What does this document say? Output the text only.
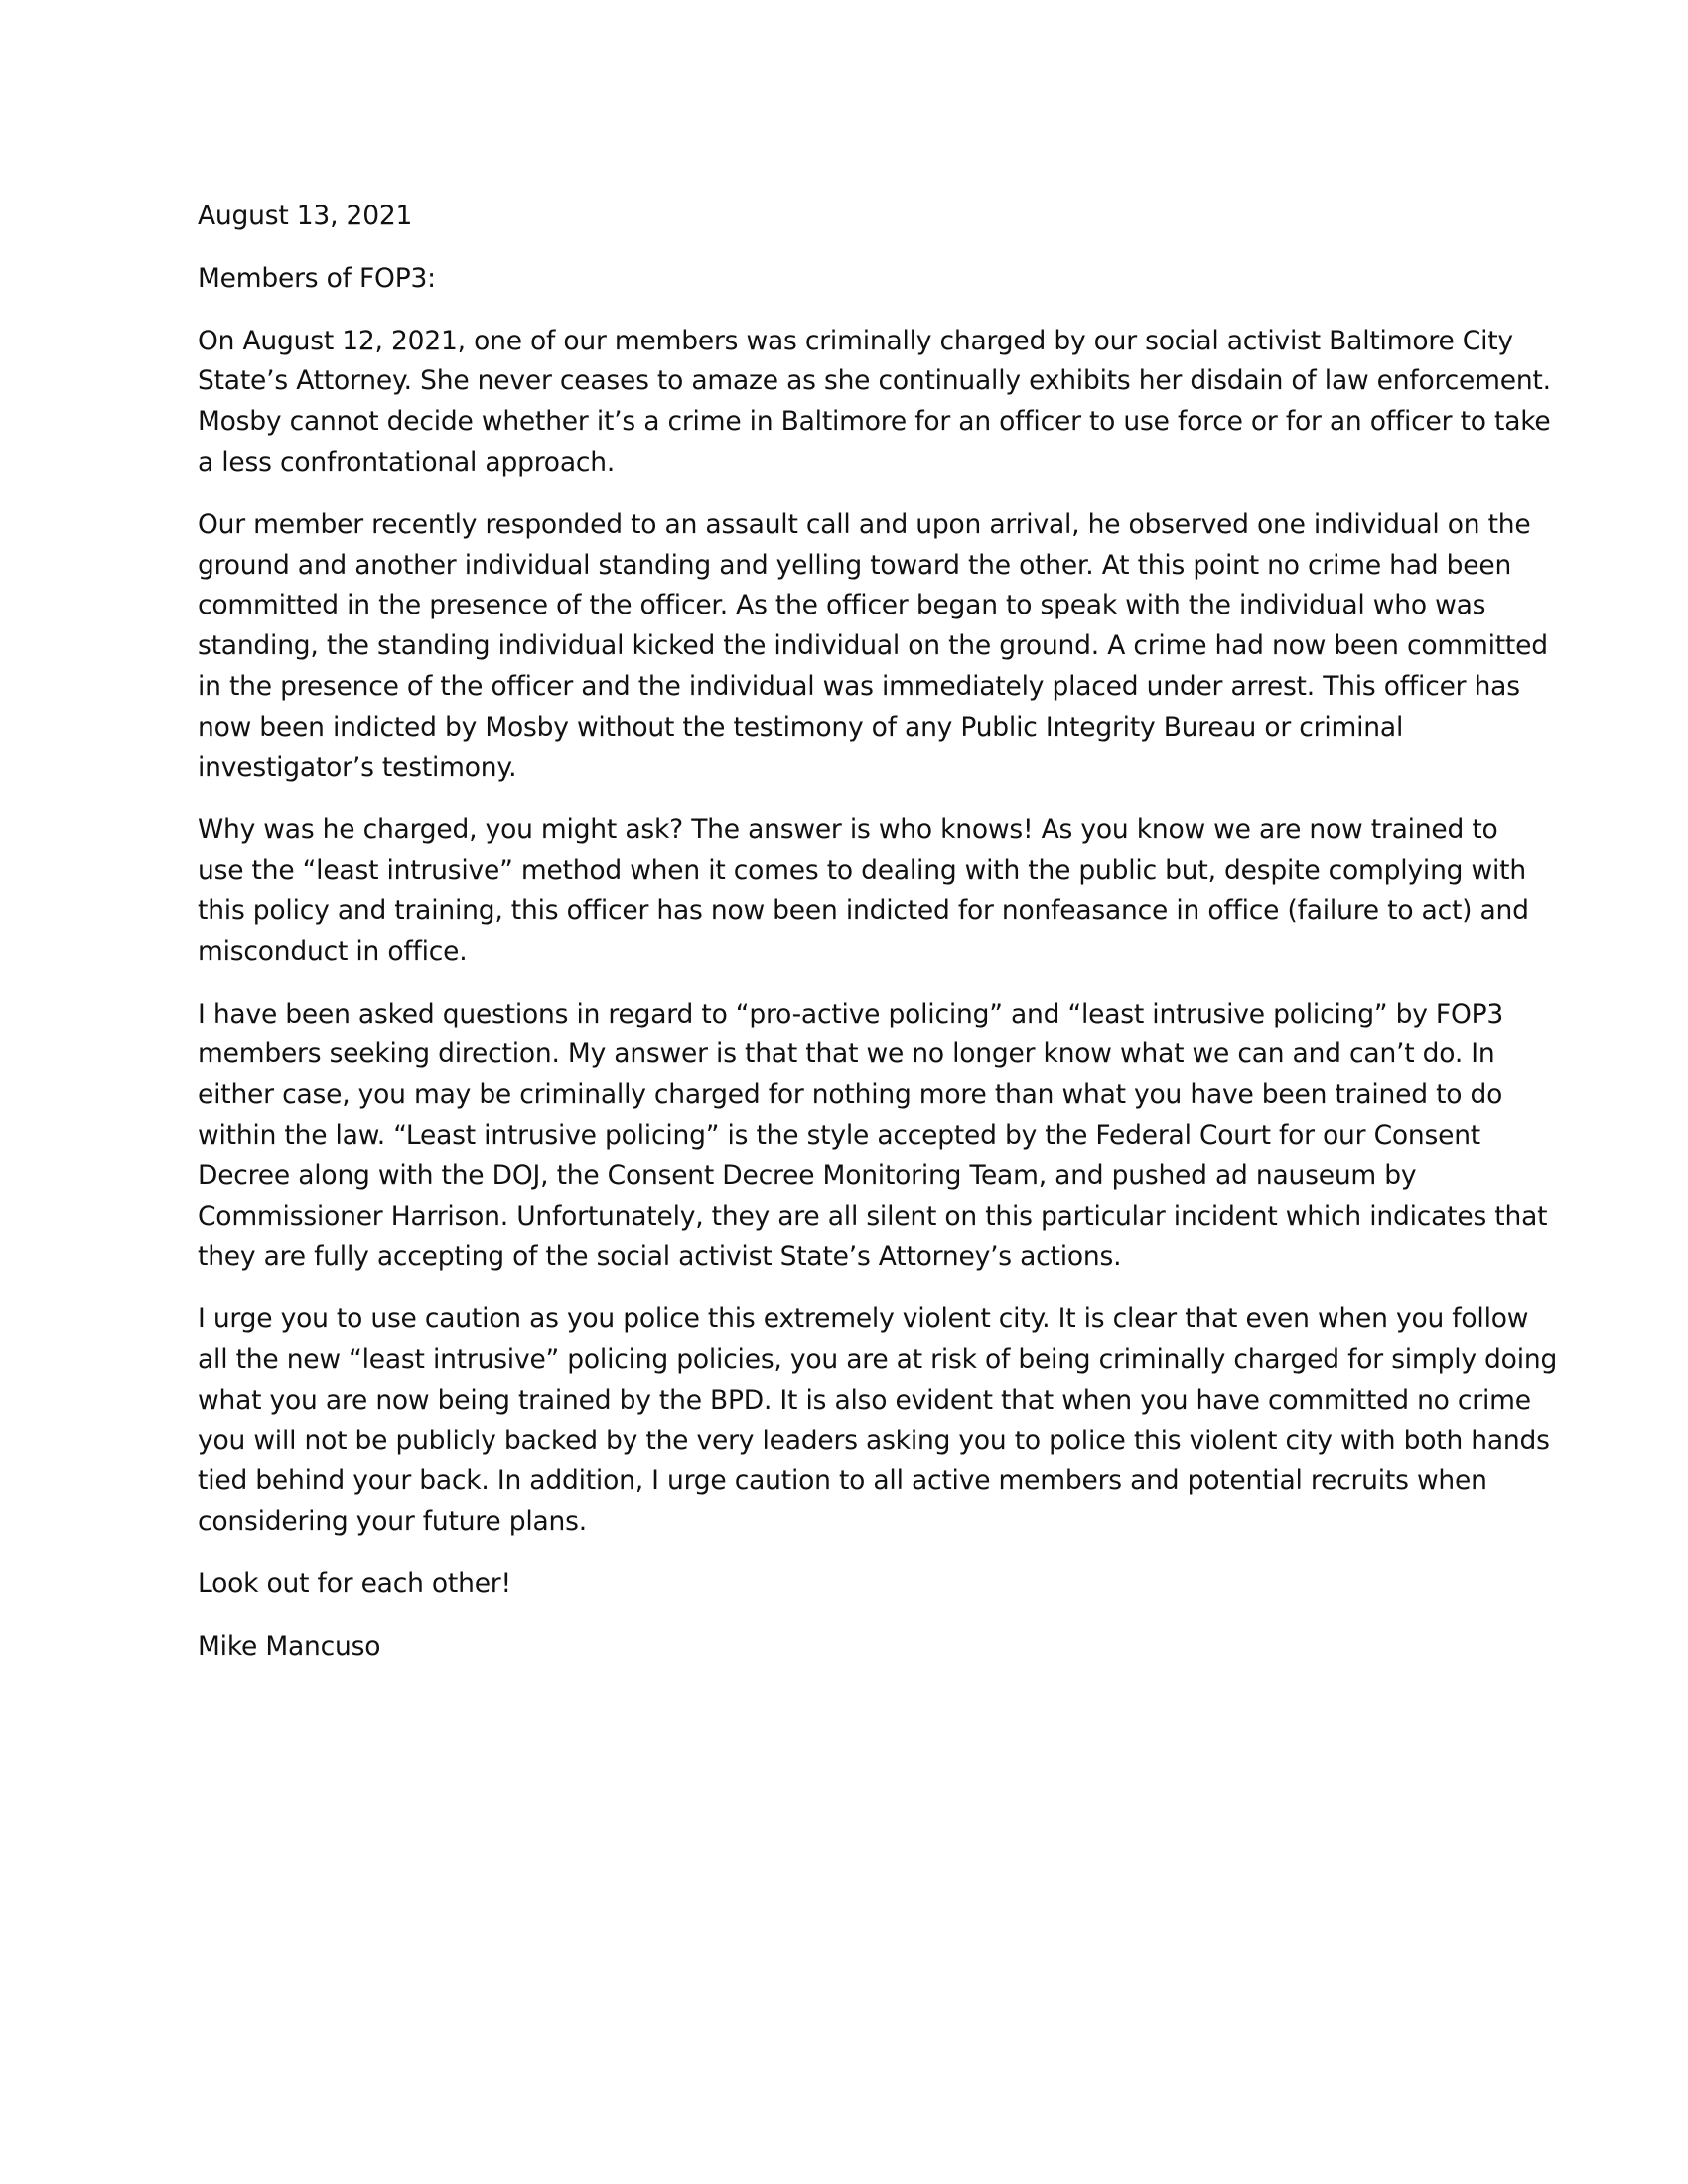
August 13, 2021
Members of FOP3:
On August 12, 2021, one of our members was criminally charged by our social activist Baltimore City
State’s Attorney. She never ceases to amaze as she continually exhibits her disdain of law enforcement.
Mosby cannot decide whether it’s a crime in Baltimore for an officer to use force or for an officer to take
a less confrontational approach.
Our member recently responded to an assault call and upon arrival, he observed one individual on the
ground and another individual standing and yelling toward the other. At this point no crime had been
committed in the presence of the officer. As the officer began to speak with the individual who was
standing, the standing individual kicked the individual on the ground. A crime had now been committed
in the presence of the officer and the individual was immediately placed under arrest. This officer has
now been indicted by Mosby without the testimony of any Public Integrity Bureau or criminal
investigator’s testimony.
Why was he charged, you might ask? The answer is who knows! As you know we are now trained to
use the “least intrusive” method when it comes to dealing with the public but, despite complying with
this policy and training, this officer has now been indicted for nonfeasance in office (failure to act) and
misconduct in office.
I have been asked questions in regard to “pro-active policing” and “least intrusive policing” by FOP3
members seeking direction. My answer is that that we no longer know what we can and can’t do. In
either case, you may be criminally charged for nothing more than what you have been trained to do
within the law. “Least intrusive policing” is the style accepted by the Federal Court for our Consent
Decree along with the DOJ, the Consent Decree Monitoring Team, and pushed ad nauseum by
Commissioner Harrison. Unfortunately, they are all silent on this particular incident which indicates that
they are fully accepting of the social activist State’s Attorney’s actions.
I urge you to use caution as you police this extremely violent city. It is clear that even when you follow
all the new “least intrusive” policing policies, you are at risk of being criminally charged for simply doing
what you are now being trained by the BPD. It is also evident that when you have committed no crime
you will not be publicly backed by the very leaders asking you to police this violent city with both hands
tied behind your back. In addition, I urge caution to all active members and potential recruits when
considering your future plans.
Look out for each other!
Mike Mancuso
